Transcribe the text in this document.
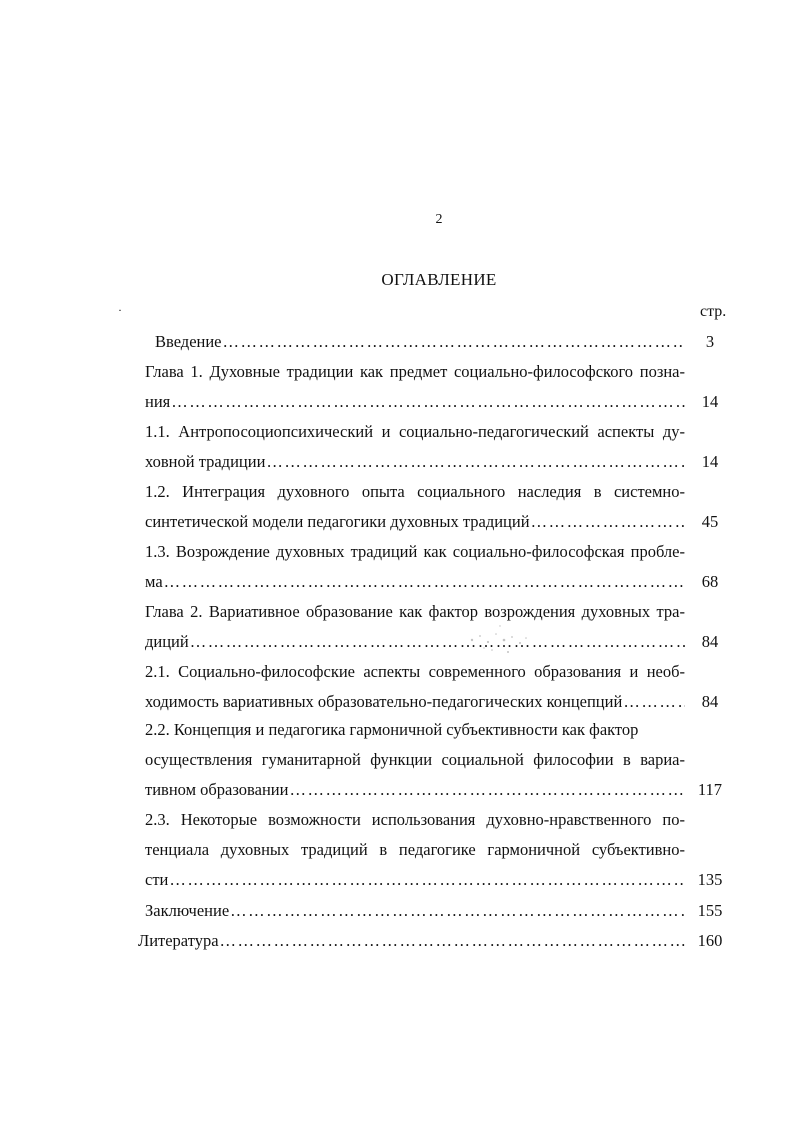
2
ОГЛАВЛЕНИЕ
·	стр.
Введение ……………………………………………………………………………………………………………………	3
Глава 1. Духовные традиции как предмет социально-философского позна-
ния ……………………………………………………………………………………………………………………	14
1.1. Антропосоциопсихический и социально-педагогический аспекты ду-
ховной традиции ……………………………………………………………………………………………………………………	14
1.2. Интеграция духовного опыта социального наследия в системно-
синтетической модели педагогики духовных традиций ……………………………………………………………………………………………………………………	45
1.3. Возрождение духовных традиций как социально-философская пробле-
ма ……………………………………………………………………………………………………………………	68
Глава 2. Вариативное образование как фактор возрождения духовных тра-
диций ……………………………………………………………………………………………………………………	84
2.1. Социально-философские аспекты современного образования и необ-
ходимость вариативных образовательно-педагогических концепций ……………………………………………………………………………………………………………………	84
2.2. Концепция и педагогика гармоничной субъективности как фактор
осуществления гуманитарной функции социальной философии в вариа-
тивном образовании ……………………………………………………………………………………………………………………	117
2.3. Некоторые возможности использования духовно-нравственного по-
тенциала духовных традиций в педагогике гармоничной субъективно-
сти ……………………………………………………………………………………………………………………	135
Заключение ……………………………………………………………………………………………………………………	155
Литература ……………………………………………………………………………………………………………………	160
